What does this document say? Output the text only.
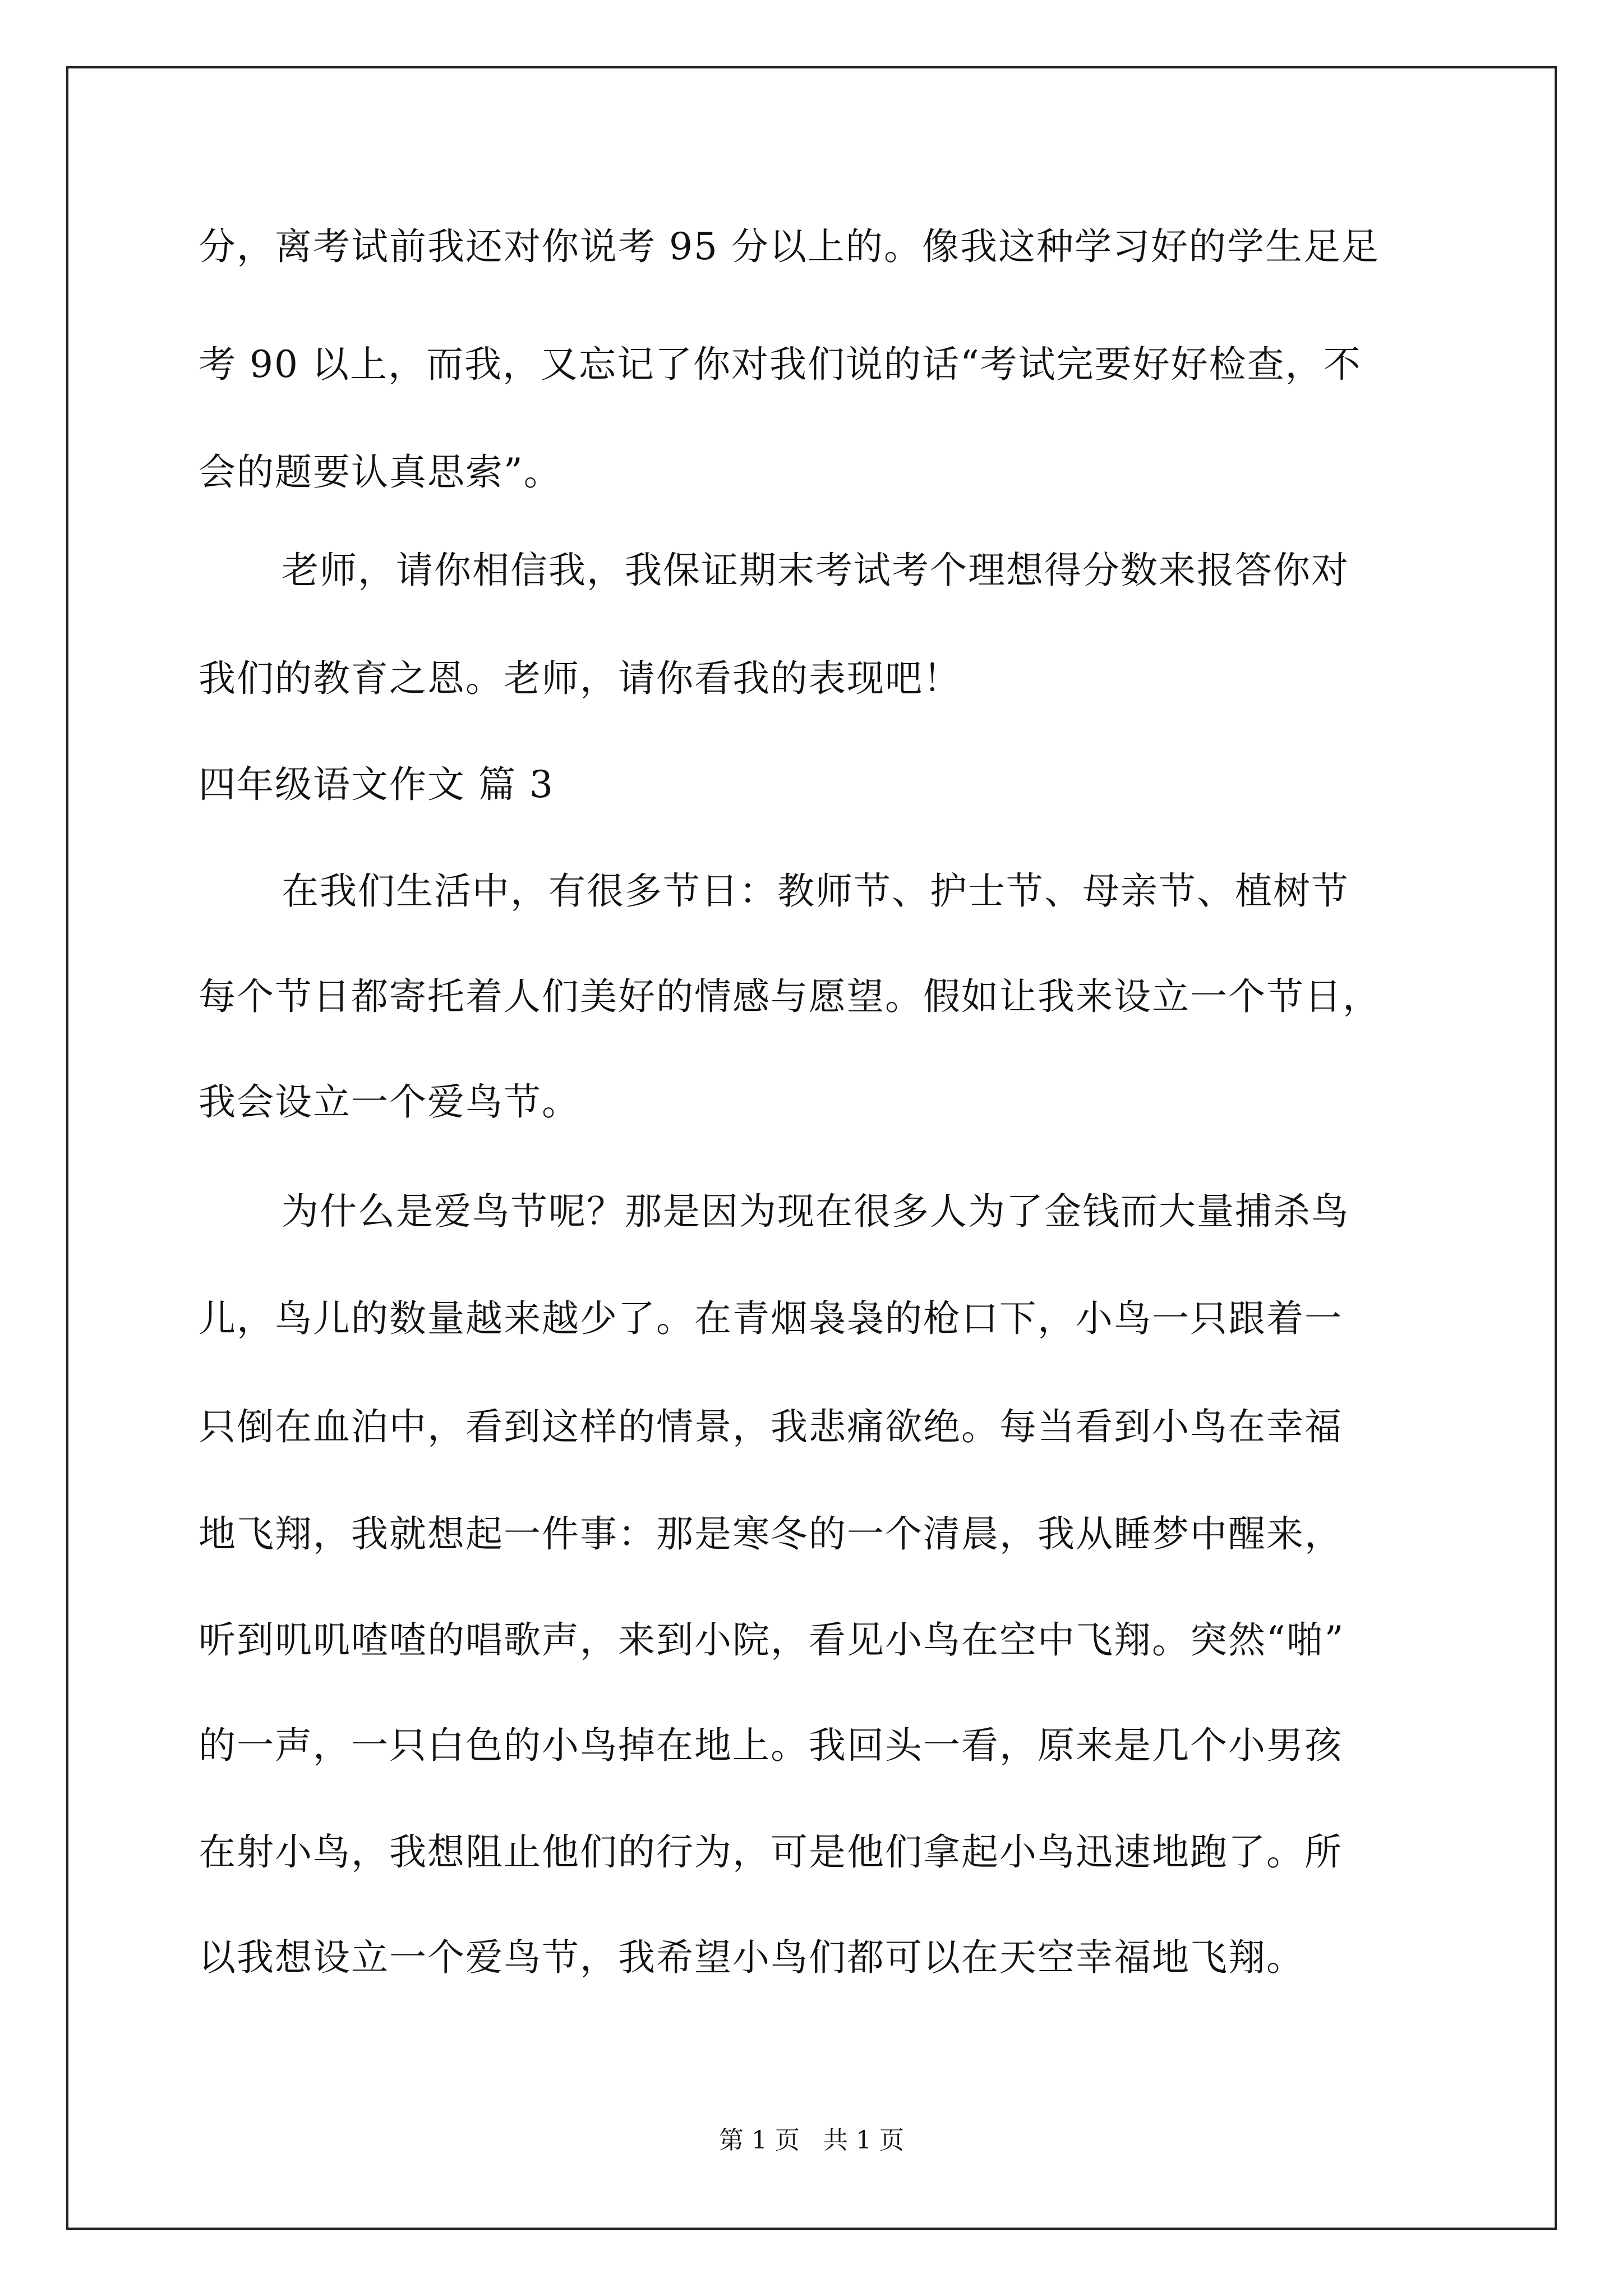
分，离考试前我还对你说考 95 分以上的。像我这种学习好的学生足足
考 90 以上，而我，又忘记了你对我们说的话“考试完要好好检查，不
会的题要认真思索”。
老师，请你相信我，我保证期末考试考个理想得分数来报答你对
我们的教育之恩。老师，请你看我的表现吧！
四年级语文作文 篇 3
在我们生活中，有很多节日：教师节、护士节、母亲节、植树节
每个节日都寄托着人们美好的情感与愿望。假如让我来设立一个节日，
我会设立一个爱鸟节。
为什么是爱鸟节呢？那是因为现在很多人为了金钱而大量捕杀鸟
儿，鸟儿的数量越来越少了。在青烟袅袅的枪口下，小鸟一只跟着一
只倒在血泊中，看到这样的情景，我悲痛欲绝。每当看到小鸟在幸福
地飞翔，我就想起一件事：那是寒冬的一个清晨，我从睡梦中醒来，
听到叽叽喳喳的唱歌声，来到小院，看见小鸟在空中飞翔。突然“啪”
的一声，一只白色的小鸟掉在地上。我回头一看，原来是几个小男孩
在射小鸟，我想阻止他们的行为，可是他们拿起小鸟迅速地跑了。所
以我想设立一个爱鸟节，我希望小鸟们都可以在天空幸福地飞翔。
第 1 页   共 1 页
